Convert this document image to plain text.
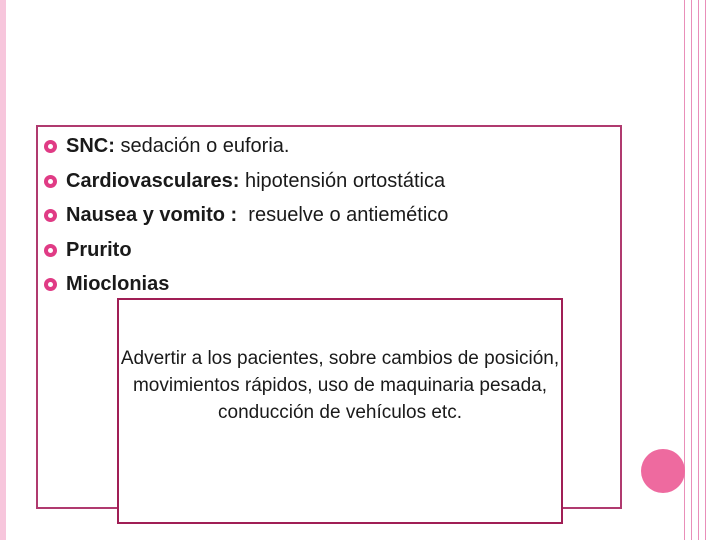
SNC: sedación o euforia.
Cardiovasculares: hipotensión ortostática
Nausea y vomito :  resuelve o antiemético
Prurito
Mioclonias
Advertir a los pacientes, sobre cambios de posición, movimientos rápidos, uso de maquinaria pesada, conducción de vehículos etc.
